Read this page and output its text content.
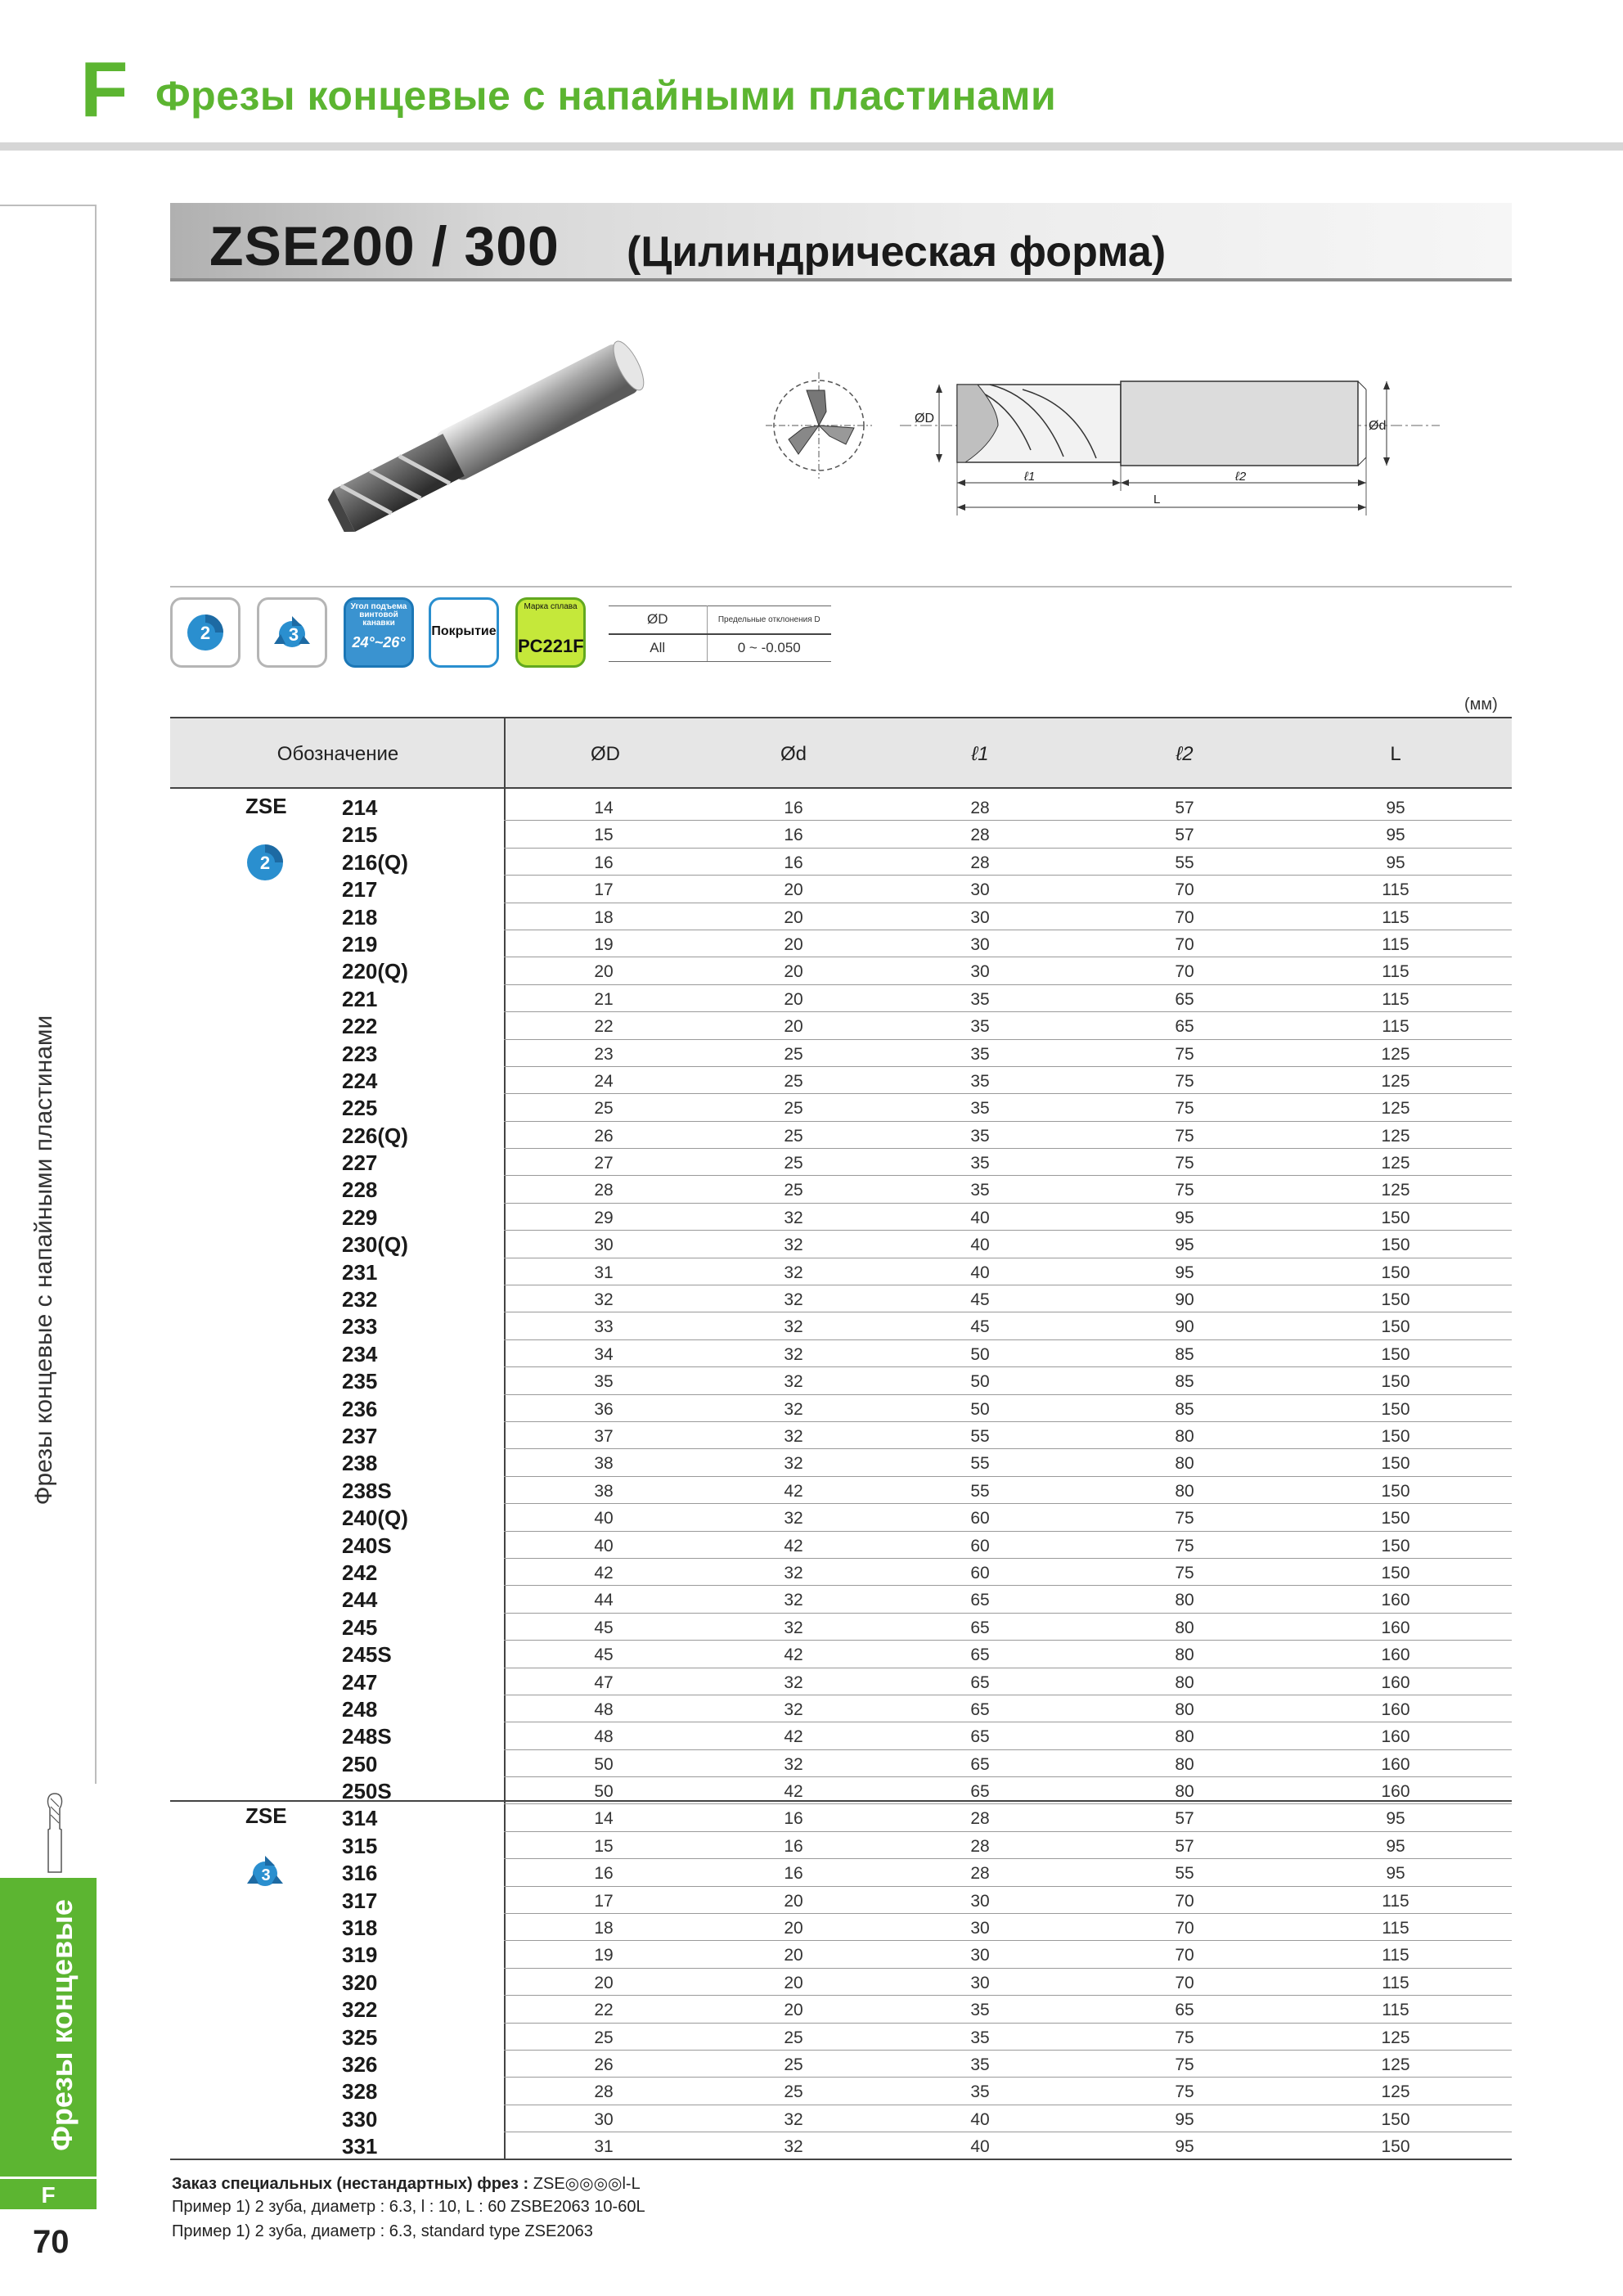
F Фрезы концевые с напайными пластинами
Фрезы концевые с напайными пластинами
Фрезы концевые
F
70
ZSE200 / 300 (Цилиндрическая форма)
ØD
Ød
ℓ1	ℓ2
L
2	3
Угол подъема винтовой канавки
24°~26°
Покрытие
Марка сплава
PC221F
ØD	Предельные отклонения D
All	0 ~ -0.050
(мм)
Обозначение	ØD	Ød	ℓ1	ℓ2	L
ZSE
2
ZSE
3
214	14	16	28	57	95
215	15	16	28	57	95
216(Q)	16	16	28	55	95
217	17	20	30	70	115
218	18	20	30	70	115
219	19	20	30	70	115
220(Q)	20	20	30	70	115
221	21	20	35	65	115
222	22	20	35	65	115
223	23	25	35	75	125
224	24	25	35	75	125
225	25	25	35	75	125
226(Q)	26	25	35	75	125
227	27	25	35	75	125
228	28	25	35	75	125
229	29	32	40	95	150
230(Q)	30	32	40	95	150
231	31	32	40	95	150
232	32	32	45	90	150
233	33	32	45	90	150
234	34	32	50	85	150
235	35	32	50	85	150
236	36	32	50	85	150
237	37	32	55	80	150
238	38	32	55	80	150
238S	38	42	55	80	150
240(Q)	40	32	60	75	150
240S	40	42	60	75	150
242	42	32	60	75	150
244	44	32	65	80	160
245	45	32	65	80	160
245S	45	42	65	80	160
247	47	32	65	80	160
248	48	32	65	80	160
248S	48	42	65	80	160
250	50	32	65	80	160
250S	50	42	65	80	160
314	14	16	28	57	95
315	15	16	28	57	95
316	16	16	28	55	95
317	17	20	30	70	115
318	18	20	30	70	115
319	19	20	30	70	115
320	20	20	30	70	115
322	22	20	35	65	115
325	25	25	35	75	125
326	26	25	35	75	125
328	28	25	35	75	125
330	30	32	40	95	150
331	31	32	40	95	150
Заказ специальных (нестандартных) фрез : ZSE◎◎◎◎l-L
Пример 1) 2 зуба, диаметр : 6.3, l : 10, L : 60 ZSBE2063 10-60L
Пример 1) 2 зуба, диаметр : 6.3, standard type ZSE2063
